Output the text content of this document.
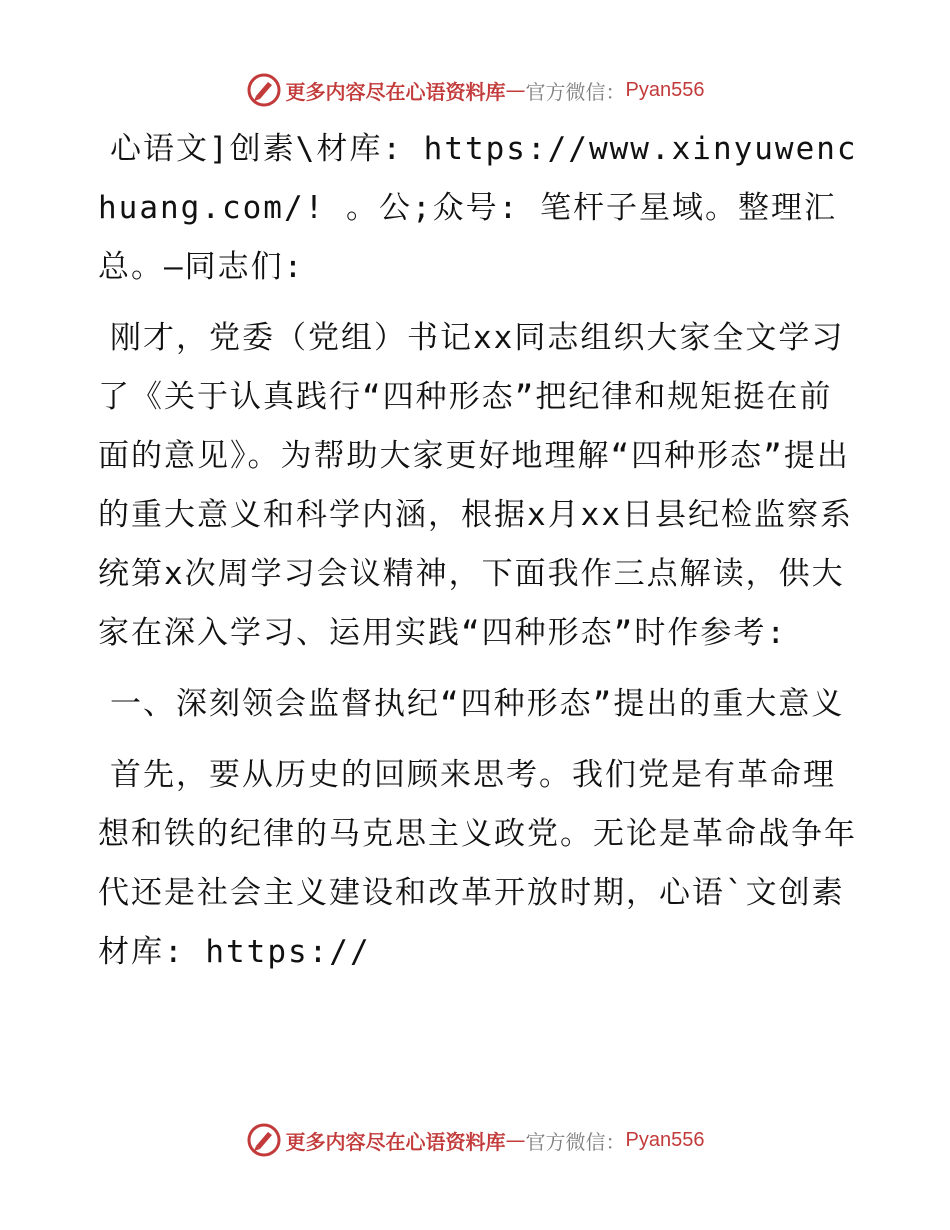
更多内容尽在心语资料库 — 官方微信： Pyan556

心语文]创素\材库: https://www.xinyuwenchuang.com/! 。公;众号: 笔杆子星域。整理汇总。—同志们:

刚才，党委（党组）书记xx同志组织大家全文学习了《关于认真践行“四种形态”把纪律和规矩挺在前面的意见》。为帮助大家更好地理解“四种形态”提出的重大意义和科学内涵，根据x月xx日县纪检监察系统第x次周学习会议精神，下面我作三点解读，供大家在深入学习、运用实践“四种形态”时作参考:

一、深刻领会监督执纪“四种形态”提出的重大意义

首先，要从历史的回顾来思考。我们党是有革命理想和铁的纪律的马克思主义政党。无论是革命战争年代还是社会主义建设和改革开放时期，心语`文创素材库: https://

更多内容尽在心语资料库 — 官方微信： Pyan556
